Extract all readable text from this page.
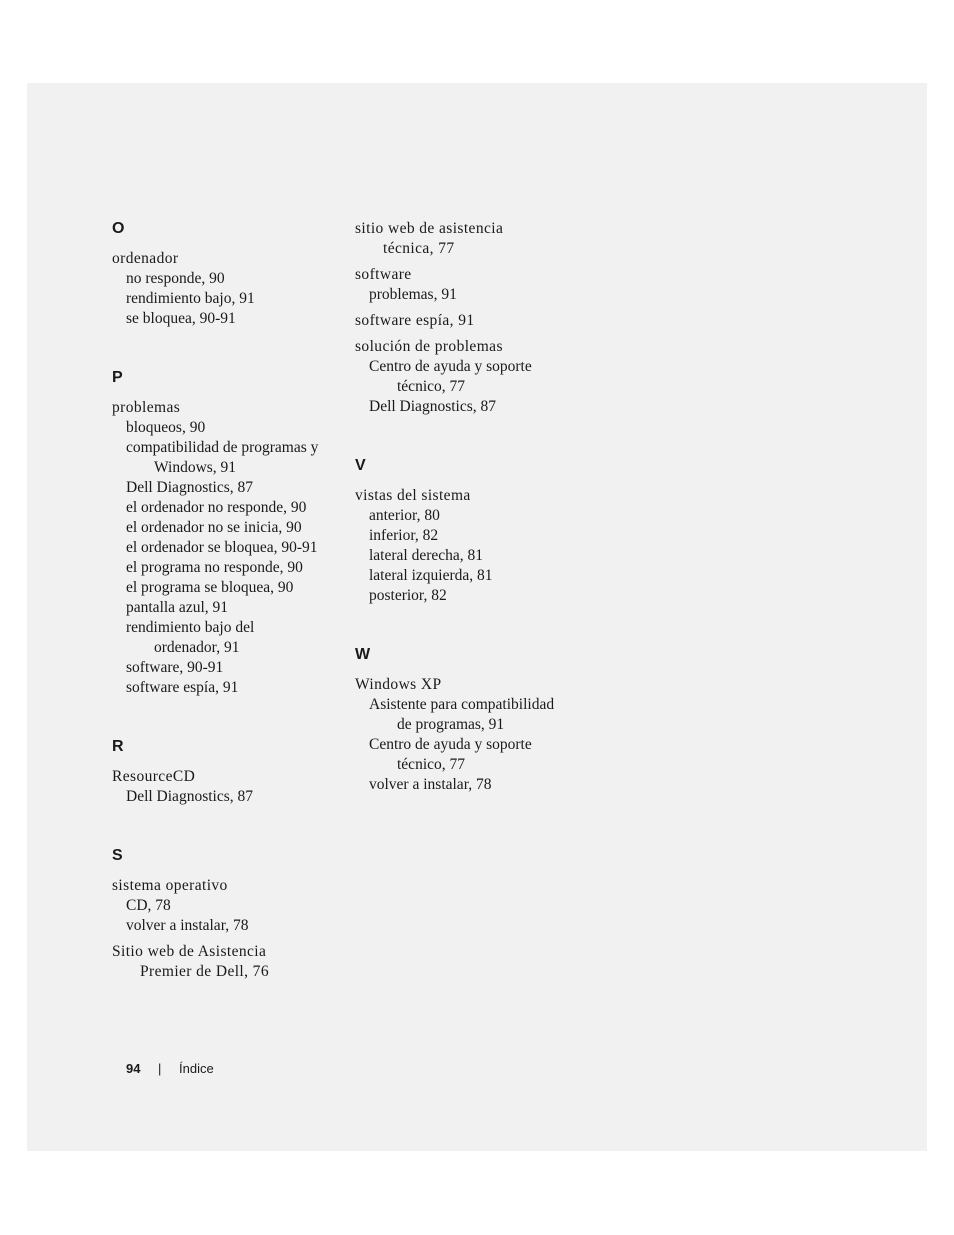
O
ordenador
no responde, 90
rendimiento bajo, 91
se bloquea, 90-91
P
problemas
bloqueos, 90
compatibilidad de programas y
Windows, 91
Dell Diagnostics, 87
el ordenador no responde, 90
el ordenador no se inicia, 90
el ordenador se bloquea, 90-91
el programa no responde, 90
el programa se bloquea, 90
pantalla azul, 91
rendimiento bajo del
ordenador, 91
software, 90-91
software espía, 91
R
ResourceCD
Dell Diagnostics, 87
S
sistema operativo
CD, 78
volver a instalar, 78
Sitio web de Asistencia
Premier de Dell, 76
sitio web de asistencia
técnica, 77
software
problemas, 91
software espía, 91
solución de problemas
Centro de ayuda y soporte
técnico, 77
Dell Diagnostics, 87
V
vistas del sistema
anterior, 80
inferior, 82
lateral derecha, 81
lateral izquierda, 81
posterior, 82
W
Windows XP
Asistente para compatibilidad
de programas, 91
Centro de ayuda y soporte
técnico, 77
volver a instalar, 78
94 | Índice
